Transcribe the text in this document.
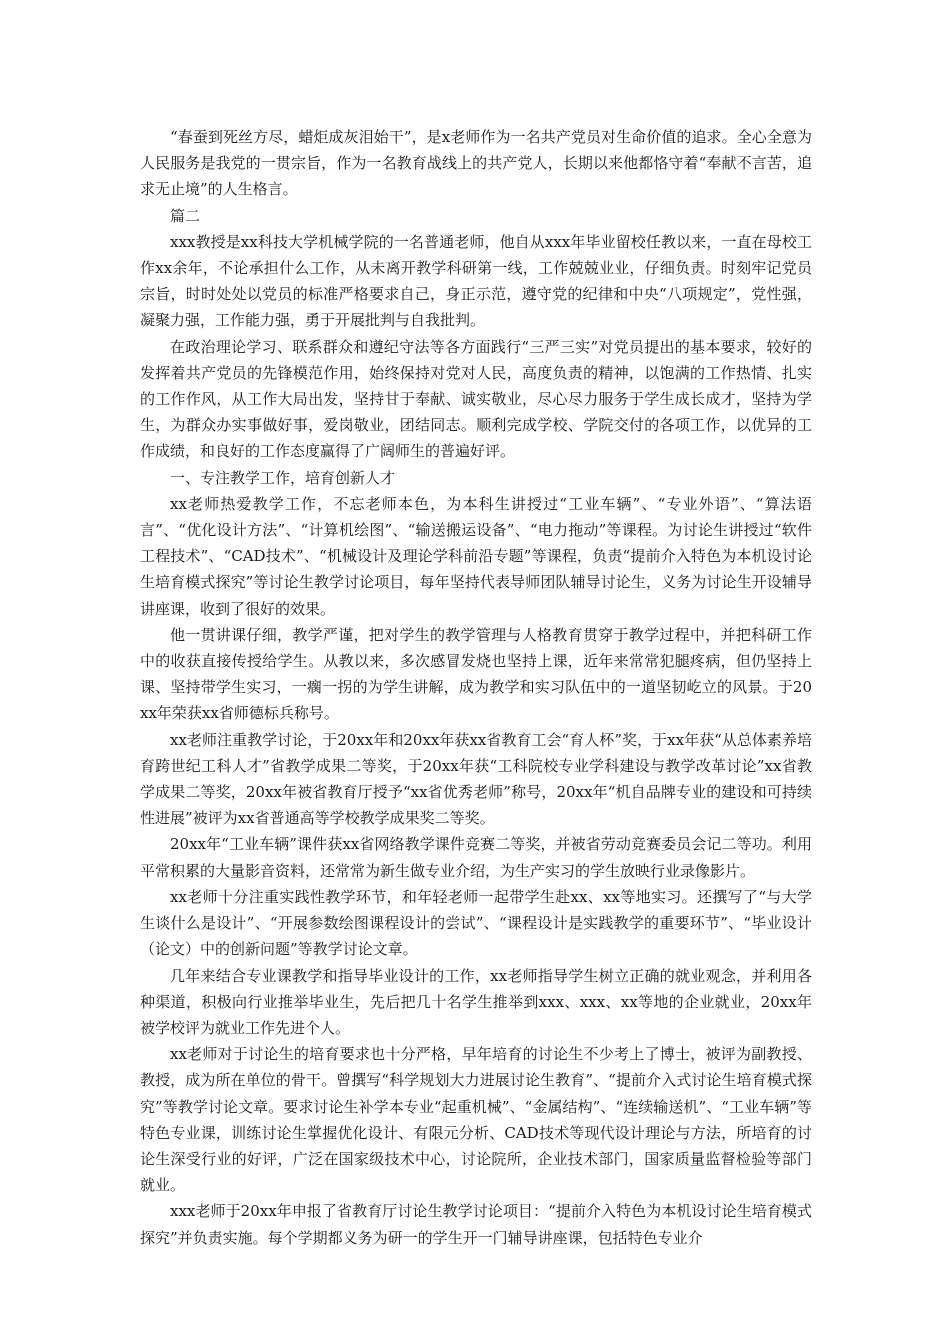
“春蚕到死丝方尽，蜡炬成灰泪始干”，是x老师作为一名共产党员对生命价值的追求。全心全意为人民服务是我党的一贯宗旨，作为一名教育战线上的共产党人，长期以来他都恪守着“奉献不言苦，追求无止境”的人生格言。

篇二

xxx教授是xx科技大学机械学院的一名普通老师，他自从xxx年毕业留校任教以来，一直在母校工作xx余年，不论承担什么工作，从未离开教学科研第一线，工作兢兢业业，仔细负责。时刻牢记党员宗旨，时时处处以党员的标准严格要求自己，身正示范，遵守党的纪律和中央“八项规定”，党性强，凝聚力强，工作能力强，勇于开展批判与自我批判。

在政治理论学习、联系群众和遵纪守法等各方面践行“三严三实”对党员提出的基本要求，较好的发挥着共产党员的先锋模范作用，始终保持对党对人民，高度负责的精神，以饱满的工作热情、扎实的工作作风，从工作大局出发，坚持甘于奉献、诚实敬业，尽心尽力服务于学生成长成才，坚持为学生，为群众办实事做好事，爱岗敬业，团结同志。顺利完成学校、学院交付的各项工作，以优异的工作成绩，和良好的工作态度赢得了广阔师生的普遍好评。

一、专注教学工作，培育创新人才

xx老师热爱教学工作，不忘老师本色，为本科生讲授过“工业车辆”、“专业外语”、“算法语言”、“优化设计方法”、“计算机绘图”、“输送搬运设备”、“电力拖动”等课程。为讨论生讲授过“软件工程技术”、“CAD技术”、“机械设计及理论学科前沿专题”等课程，负责“提前介入特色为本机设讨论生培育模式探究”等讨论生教学讨论项目，每年坚持代表导师团队辅导讨论生，义务为讨论生开设辅导讲座课，收到了很好的效果。

他一贯讲课仔细，教学严谨，把对学生的教学管理与人格教育贯穿于教学过程中，并把科研工作中的收获直接传授给学生。从教以来，多次感冒发烧也坚持上课，近年来常常犯腿疼病，但仍坚持上课、坚持带学生实习，一瘸一拐的为学生讲解，成为教学和实习队伍中的一道坚韧屹立的风景。于20xx年荣获xx省师德标兵称号。

xx老师注重教学讨论，于20xx年和20xx年获xx省教育工会“育人杯”奖，于xx年获“从总体素养培育跨世纪工科人才”省教学成果二等奖，于20xx年获“工科院校专业学科建设与教学改革讨论”xx省教学成果二等奖，20xx年被省教育厅授予“xx省优秀老师”称号，20xx年“机自品牌专业的建设和可持续性进展”被评为xx省普通高等学校教学成果奖二等奖。

20xx年“工业车辆”课件获xx省网络教学课件竞赛二等奖，并被省劳动竞赛委员会记二等功。利用平常积累的大量影音资料，还常常为新生做专业介绍，为生产实习的学生放映行业录像影片。

xx老师十分注重实践性教学环节，和年轻老师一起带学生赴xx、xx等地实习。还撰写了“与大学生谈什么是设计”、“开展参数绘图课程设计的尝试”、“课程设计是实践教学的重要环节”、“毕业设计（论文）中的创新问题”等教学讨论文章。

几年来结合专业课教学和指导毕业设计的工作，xx老师指导学生树立正确的就业观念，并利用各种渠道，积极向行业推举毕业生，先后把几十名学生推举到xxx、xxx、xx等地的企业就业，20xx年被学校评为就业工作先进个人。

xx老师对于讨论生的培育要求也十分严格，早年培育的讨论生不少考上了博士，被评为副教授、教授，成为所在单位的骨干。曾撰写“科学规划大力进展讨论生教育”、“提前介入式讨论生培育模式探究”等教学讨论文章。要求讨论生补学本专业“起重机械”、“金属结构”、“连续输送机”、“工业车辆”等特色专业课，训练讨论生掌握优化设计、有限元分析、CAD技术等现代设计理论与方法，所培育的讨论生深受行业的好评，广泛在国家级技术中心，讨论院所，企业技术部门，国家质量监督检验等部门就业。

xxx老师于20xx年申报了省教育厅讨论生教学讨论项目：“提前介入特色为本机设讨论生培育模式探究”并负责实施。每个学期都义务为研一的学生开一门辅导讲座课，包括特色专业介
